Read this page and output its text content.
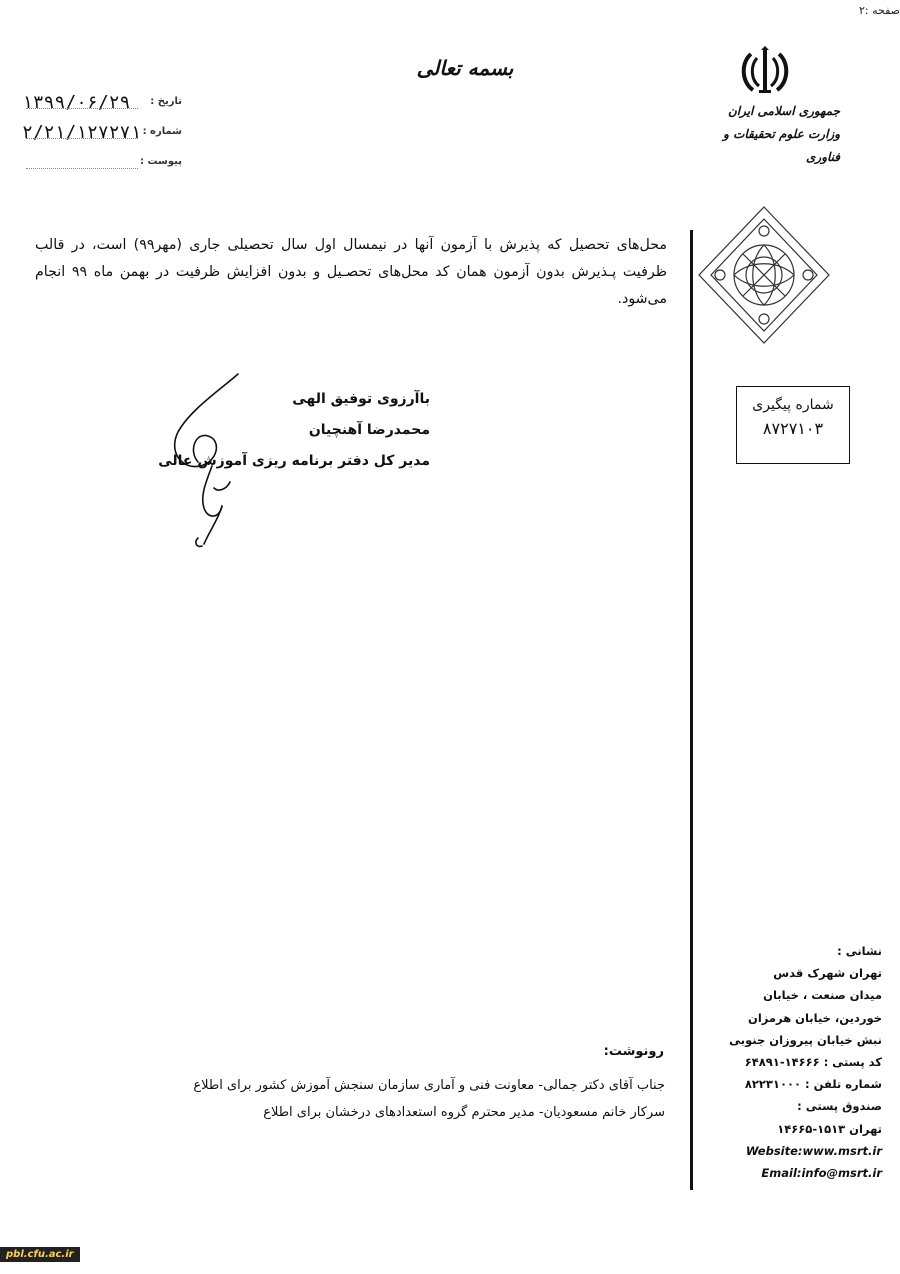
صفحه :۲
بسمه تعالی
۱۳۹۹/۰۶/۲۹	تاریخ :
۲/۲۱/۱۲۷۲۷۱ شماره :
پیوست :
جمهوری اسلامی ایران
وزارت علوم تحقیقات و فناوری
محل‌های تحصیل که پذیرش با آزمون آنها در نیمسال اول سال تحصیلی جاری (مهر۹۹) است، در قالب ظرفیت پـذیرش بدون آزمون همان کد محل‌های تحصـیل و بدون افزایش ظرفیت در بهمن ماه ۹۹ انجام می‌شود.
باآرزوی توفیق الهی
محمدرضا آهنچیان
مدیر کل دفتر برنامه ریزی آموزش عالی
شماره پیگیری
۸۷۲۷۱۰۳
نشانی :
تهران شهرک قدس
میدان صنعت ، خیابان
خوردین، خیابان هرمزان
نبش خیابان پیروزان جنوبی
کد پستی : ۱۴۶۶۶-۶۴۸۹۱
شماره تلفن : ۸۲۲۳۱۰۰۰
صندوق پستی :
تهران ۱۵۱۳-۱۴۶۶۵
Website:www.msrt.ir
Email:info@msrt.ir
رونوشت:
جناب آقای دکتر جمالی- معاونت فنی و آماری سازمان سنجش آموزش کشور برای اطلاع
سرکار خانم مسعودیان- مدیر محترم گروه استعدادهای درخشان برای اطلاع
pbl.cfu.ac.ir
